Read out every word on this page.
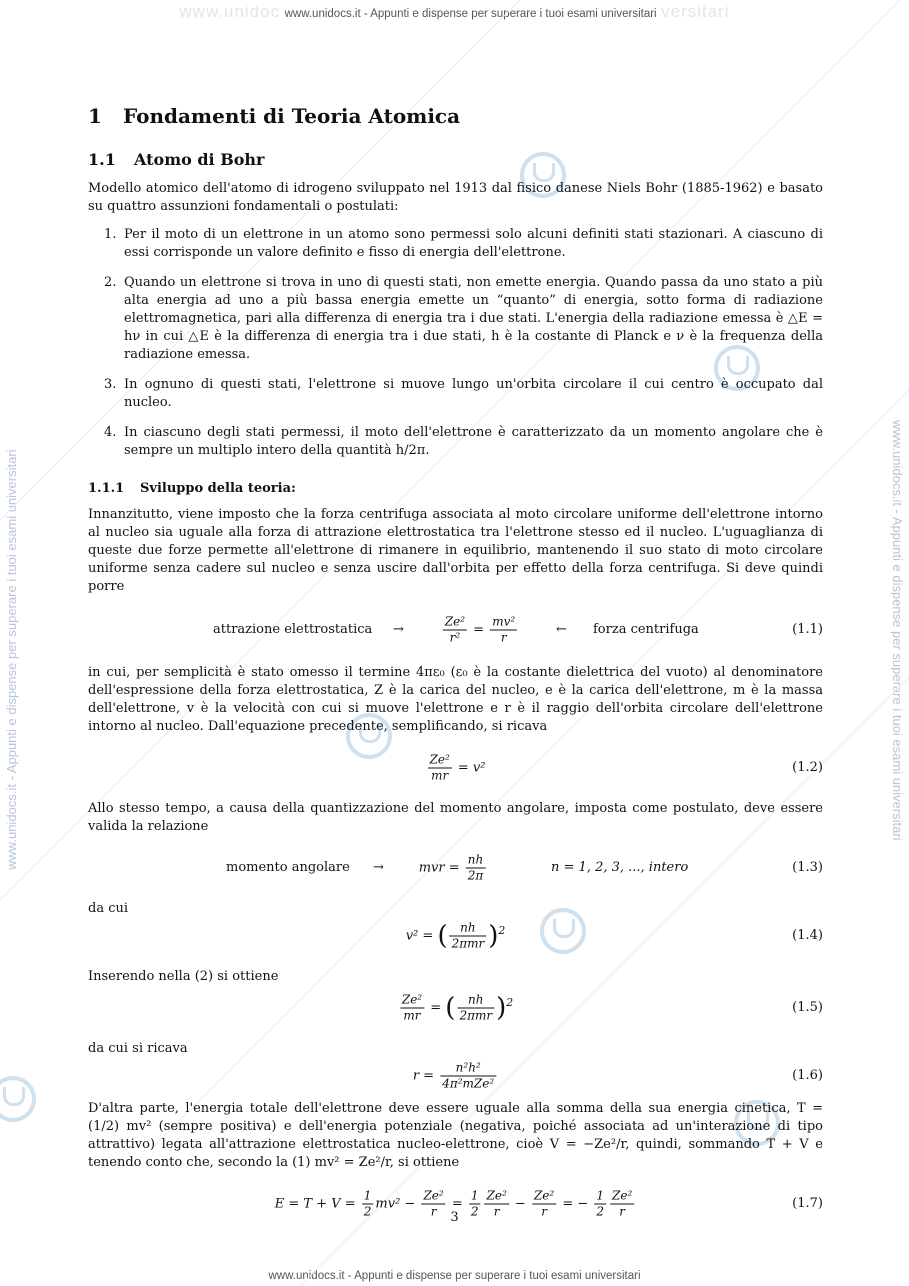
www.unidoc www.unidocs.it - Appunti e dispense per superare i tuoi esami universitari versitari
www.unidocs.it - Appunti e dispense per superare i tuoi esami universitari
www.unidocs.it - Appunti e dispense per superare i tuoi esami universitari	www.unidocs.it - Appunti e dispense per superare i tuoi esami universitari
1 Fondamenti di Teoria Atomica
1.1 Atomo di Bohr

Modello atomico dell'atomo di idrogeno sviluppato nel 1913 dal fisico danese Niels Bohr (1885-1962) e basato su quattro assunzioni fondamentali o postulati:

1. Per il moto di un elettrone in un atomo sono permessi solo alcuni definiti stati stazionari. A ciascuno di essi corrisponde un valore definito e fisso di energia dell'elettrone.
2. Quando un elettrone si trova in uno di questi stati, non emette energia. Quando passa da uno stato a più alta energia ad uno a più bassa energia emette un “quanto” di energia, sotto forma di radiazione elettromagnetica, pari alla differenza di energia tra i due stati. L'energia della radiazione emessa è △E = hν in cui △E è la differenza di energia tra i due stati, h è la costante di Planck e ν è la frequenza della radiazione emessa.
3. In ognuno di questi stati, l'elettrone si muove lungo un'orbita circolare il cui centro è occupato dal nucleo.
4. In ciascuno degli stati permessi, il moto dell'elettrone è caratterizzato da un momento angolare che è sempre un multiplo intero della quantità h/2π.
1.1.1 Sviluppo della teoria:

Innanzitutto, viene imposto che la forza centrifuga associata al moto circolare uniforme dell'elettrone intorno al nucleo sia uguale alla forza di attrazione elettrostatica tra l'elettrone stesso ed il nucleo. L'uguaglianza di queste due forze permette all'elettrone di rimanere in equilibrio, mantenendo il suo stato di moto circolare uniforme senza cadere sul nucleo e senza uscire dall'orbita per effetto della forza centrifuga. Si deve quindi porre

attrazione elettrostatica →	$\frac{\text{Ze²}}{\text{r²}} = \frac{\text{mv²}}{r}$	← forza centrifuga	(1.1)

in cui, per semplicità è stato omesso il termine 4πε₀ (ε₀ è la costante dielettrica del vuoto) al denominatore dell'espressione della forza elettrostatica, Z è la carica del nucleo, e è la carica dell'elettrone, m è la massa dell'elettrone, v è la velocità con cui si muove l'elettrone e r è il raggio dell'orbita circolare dell'elettrone intorno al nucleo. Dall'equazione precedente, semplificando, si ricava

$\frac{\text{Ze²}}{mr} = v^2$	(1.2)

Allo stesso tempo, a causa della quantizzazione del momento angolare, imposta come postulato, deve essere valida la relazione

momento angolare →	mvr = $\frac{nh}{2\pi}$	n = 1, 2, 3, ..., intero	(1.3)

da cui

v² = ( $\frac{nh}{\text{2πmr}} )^2$	(1.4)

Inserendo nella (2) si ottiene

$\frac{\text{Ze²}}{mr}$ = ( $\frac{nh}{\text{2πmr}} )^2$	(1.5)

da cui si ricava

$r = \frac{\text{n²h²}}{\text{4π²mZe²}}$	(1.6)

D'altra parte, l'energia totale dell'elettrone deve essere uguale alla somma della sua energia cinetica, T = (1/2) mv² (sempre positiva) e dell'energia potenziale (negativa, poiché associata ad un'interazione di tipo attrattivo) legata all'attrazione elettrostatica nucleo-elettrone, cioè V = −Ze²/r, quindi, sommando T + V e tenendo conto che, secondo la (1) mv² = Ze²/r, si ottiene

$E = T + V = \frac{1}{2} mv^2 - \frac{\text{Ze²}}{r} = \frac{1}{2} \frac{\text{Ze²}}{r} - \frac{\text{Ze²}}{r}$ = − $\frac{1}{2} \frac{\text{Ze²}}{r}$	(1.7)
3
